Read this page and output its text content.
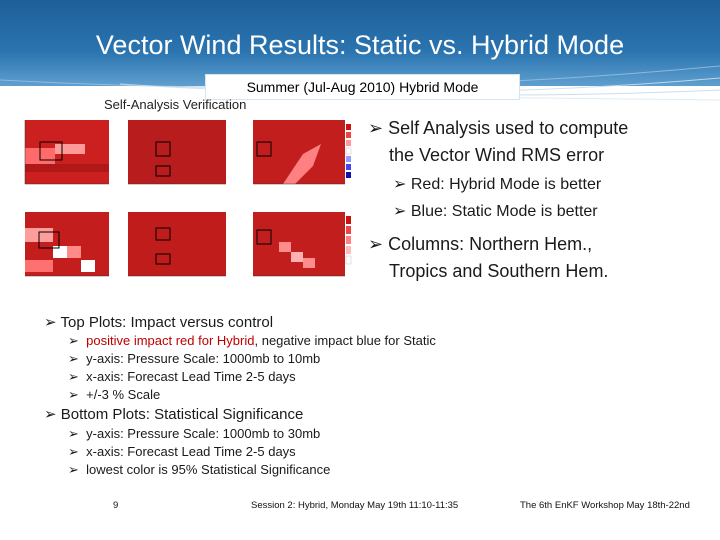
Vector Wind Results: Static vs. Hybrid Mode
Summer (Jul-Aug 2010) Hybrid Mode
Self-Analysis Verification
➢ Self Analysis used to compute
the Vector Wind RMS error
➢ Red: Hybrid Mode is better
➢ Blue: Static Mode is better
➢ Columns: Northern Hem.,
Tropics and Southern Hem.
➢ Top Plots: Impact versus control
➢ positive impact red for Hybrid, negative impact blue for Static
➢ y-axis: Pressure Scale: 1000mb to 10mb
➢ x-axis: Forecast Lead Time 2-5 days
➢ +/-3 % Scale
➢ Bottom Plots: Statistical Significance
➢ y-axis: Pressure Scale: 1000mb to 30mb
➢ x-axis: Forecast Lead Time 2-5 days
➢ lowest color is 95% Statistical Significance
9	Session 2: Hybrid, Monday May 19th 11:10-11:35	The 6th EnKF Workshop May 18th-22nd
